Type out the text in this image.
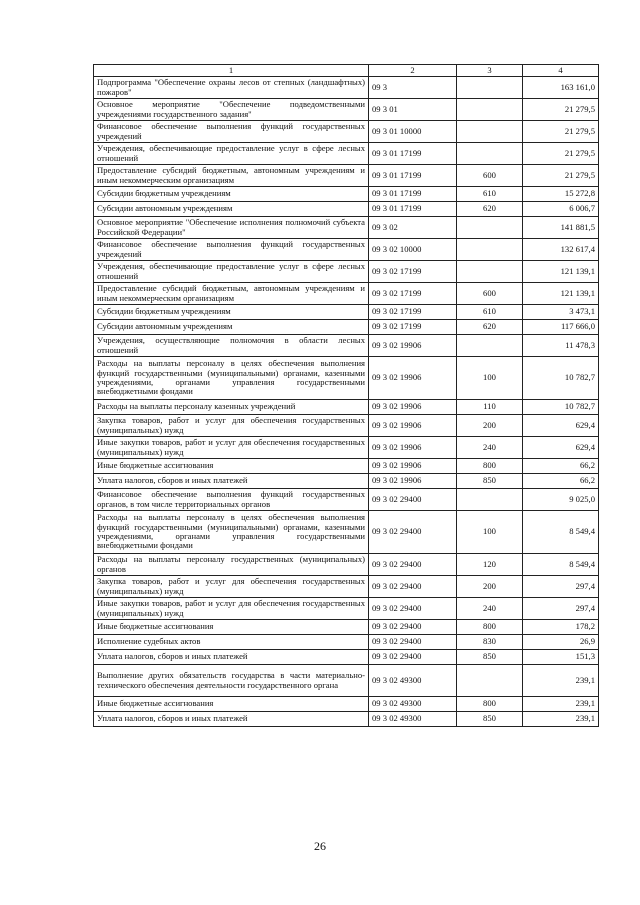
1	2	3	4
Подпрограмма "Обеспечение охраны лесов от степных (ландшафтных) пожаров"	09 3		163 161,0
Основное мероприятие "Обеспечение подведомственными учреждениями государственного задания"	09 3 01		21 279,5
Финансовое обеспечение выполнения функций государственных учреждений	09 3 01 10000		21 279,5
Учреждения, обеспечивающие предоставление услуг в сфере лесных отношений	09 3 01 17199		21 279,5
Предоставление субсидий бюджетным, автономным учреждениям и иным некоммерческим организациям	09 3 01 17199	600	21 279,5
Субсидии бюджетным учреждениям	09 3 01 17199	610	15 272,8
Субсидии автономным учреждениям	09 3 01 17199	620	6 006,7
Основное мероприятие "Обеспечение исполнения полномочий субъекта Российской Федерации"	09 3 02		141 881,5
Финансовое обеспечение выполнения функций государственных учреждений	09 3 02 10000		132 617,4
Учреждения, обеспечивающие предоставление услуг в сфере лесных отношений	09 3 02 17199		121 139,1
Предоставление субсидий бюджетным, автономным учреждениям и иным некоммерческим организациям	09 3 02 17199	600	121 139,1
Субсидии бюджетным учреждениям	09 3 02 17199	610	3 473,1
Субсидии автономным учреждениям	09 3 02 17199	620	117 666,0
Учреждения, осуществляющие полномочия в области лесных отношений	09 3 02 19906		11 478,3
Расходы на выплаты персоналу в целях обеспечения выполнения функций государственными (муниципальными) органами, казенными учреждениями, органами управления государственными внебюджетными фондами	09 3 02 19906	100	10 782,7
Расходы на выплаты персоналу казенных учреждений	09 3 02 19906	110	10 782,7
Закупка товаров, работ и услуг для обеспечения государственных (муниципальных) нужд	09 3 02 19906	200	629,4
Иные закупки товаров, работ и услуг для обеспечения государственных (муниципальных) нужд	09 3 02 19906	240	629,4
Иные бюджетные ассигнования	09 3 02 19906	800	66,2
Уплата налогов, сборов и иных платежей	09 3 02 19906	850	66,2
Финансовое обеспечение выполнения функций государственных органов, в том числе территориальных органов	09 3 02 29400		9 025,0
Расходы на выплаты персоналу в целях обеспечения выполнения функций государственными (муниципальными) органами, казенными учреждениями, органами управления государственными внебюджетными фондами	09 3 02 29400	100	8 549,4
Расходы на выплаты персоналу государственных (муниципальных) органов	09 3 02 29400	120	8 549,4
Закупка товаров, работ и услуг для обеспечения государственных (муниципальных) нужд	09 3 02 29400	200	297,4
Иные закупки товаров, работ и услуг для обеспечения государственных (муниципальных) нужд	09 3 02 29400	240	297,4
Иные бюджетные ассигнования	09 3 02 29400	800	178,2
Исполнение судебных актов	09 3 02 29400	830	26,9
Уплата налогов, сборов и иных платежей	09 3 02 29400	850	151,3
Выполнение других обязательств государства в части материально-технического обеспечения деятельности государственного органа	09 3 02 49300		239,1
Иные бюджетные ассигнования	09 3 02 49300	800	239,1
Уплата налогов, сборов и иных платежей	09 3 02 49300	850	239,1
26
